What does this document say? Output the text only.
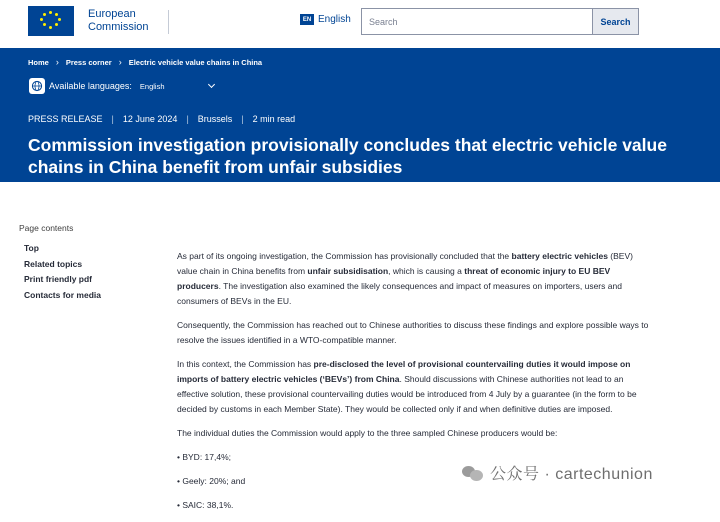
European
Commission
EN English
Search	Search
Home › Press corner › Electric vehicle value chains in China
Available languages: English
PRESS RELEASE | 12 June 2024 | Brussels | 2 min read
Commission investigation provisionally concludes that electric vehicle value chains in China benefit from unfair subsidies
Page contents
Top
Related topics
Print friendly pdf
Contacts for media

As part of its ongoing investigation, the Commission has provisionally concluded that the battery electric vehicles (BEV) value chain in China benefits from unfair subsidisation, which is causing a threat of economic injury to EU BEV producers. The investigation also examined the likely consequences and impact of measures on importers, users and consumers of BEVs in the EU.

Consequently, the Commission has reached out to Chinese authorities to discuss these findings and explore possible ways to resolve the issues identified in a WTO-compatible manner.

In this context, the Commission has pre-disclosed the level of provisional countervailing duties it would impose on imports of battery electric vehicles (‘BEVs’) from China. Should discussions with Chinese authorities not lead to an effective solution, these provisional countervailing duties would be introduced from 4 July by a guarantee (in the form to be decided by customs in each Member State). They would be collected only if and when definitive duties are imposed.

The individual duties the Commission would apply to the three sampled Chinese producers would be:

• BYD: 17,4%;

• Geely: 20%; and

• SAIC: 38,1%.

公众号 · cartechunion
